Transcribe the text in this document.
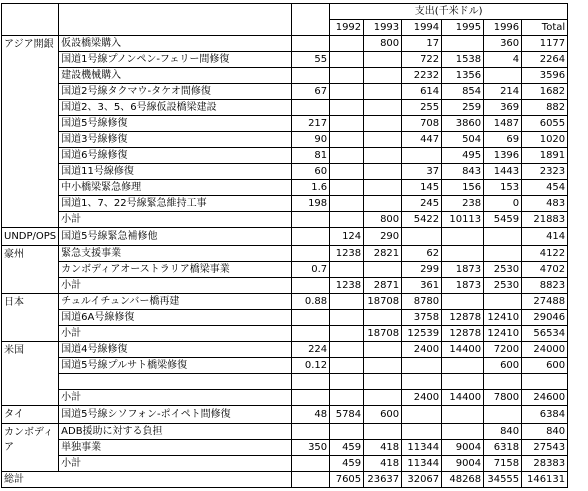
			支出(千米ドル)					
			1992	1993	1994	1995	1996	Total
アジア開銀	仮設橋梁購入			800	17		360	1177
	国道1号線プノンペン-フェリー間修復	55			722	1538	4	2264
	建設機械購入				2232	1356		3596
	国道2号線タクマウ-タケオ間修復	67			614	854	214	1682
	国道2、3、5、6号線仮設橋梁建設				255	259	369	882
	国道5号線修復	217			708	3860	1487	6055
	国道3号線修復	90			447	504	69	1020
	国道6号線修復	81				495	1396	1891
	国道11号線修復	60			37	843	1443	2323
	中小橋梁緊急修理	1.6			145	156	153	454
	国道1、7、22号線緊急維持工事	198			245	238	0	483
	小計			800	5422	10113	5459	21883
UNDP/OPS	国道5号線緊急補修他		124	290				414
豪州	緊急支援事業		1238	2821	62			4122
	カンボディアオーストラリア橋梁事業	0.7			299	1873	2530	4702
	小計		1238	2871	361	1873	2530	8823
日本	チュルイチュンバー橋再建	0.88		18708	8780			27488
	国道6A号線修復				3758	12878	12410	29046
	小計			18708	12539	12878	12410	56534
米国	国道4号線修復	224			2400	14400	7200	24000
	国道5号線プルサト橋梁修復	0.12					600	600

	小計				2400	14400	7800	24600
タイ	国道5号線シソフォン-ポイペト間修復	48	5784	600				6384
カンボディア	ADB援助に対する負担						840	840
	単独事業	350	459	418	11344	9004	6318	27543
	小計		459	418	11344	9004	7158	28383
総計			7605	23637	32067	48268	34555	146131
